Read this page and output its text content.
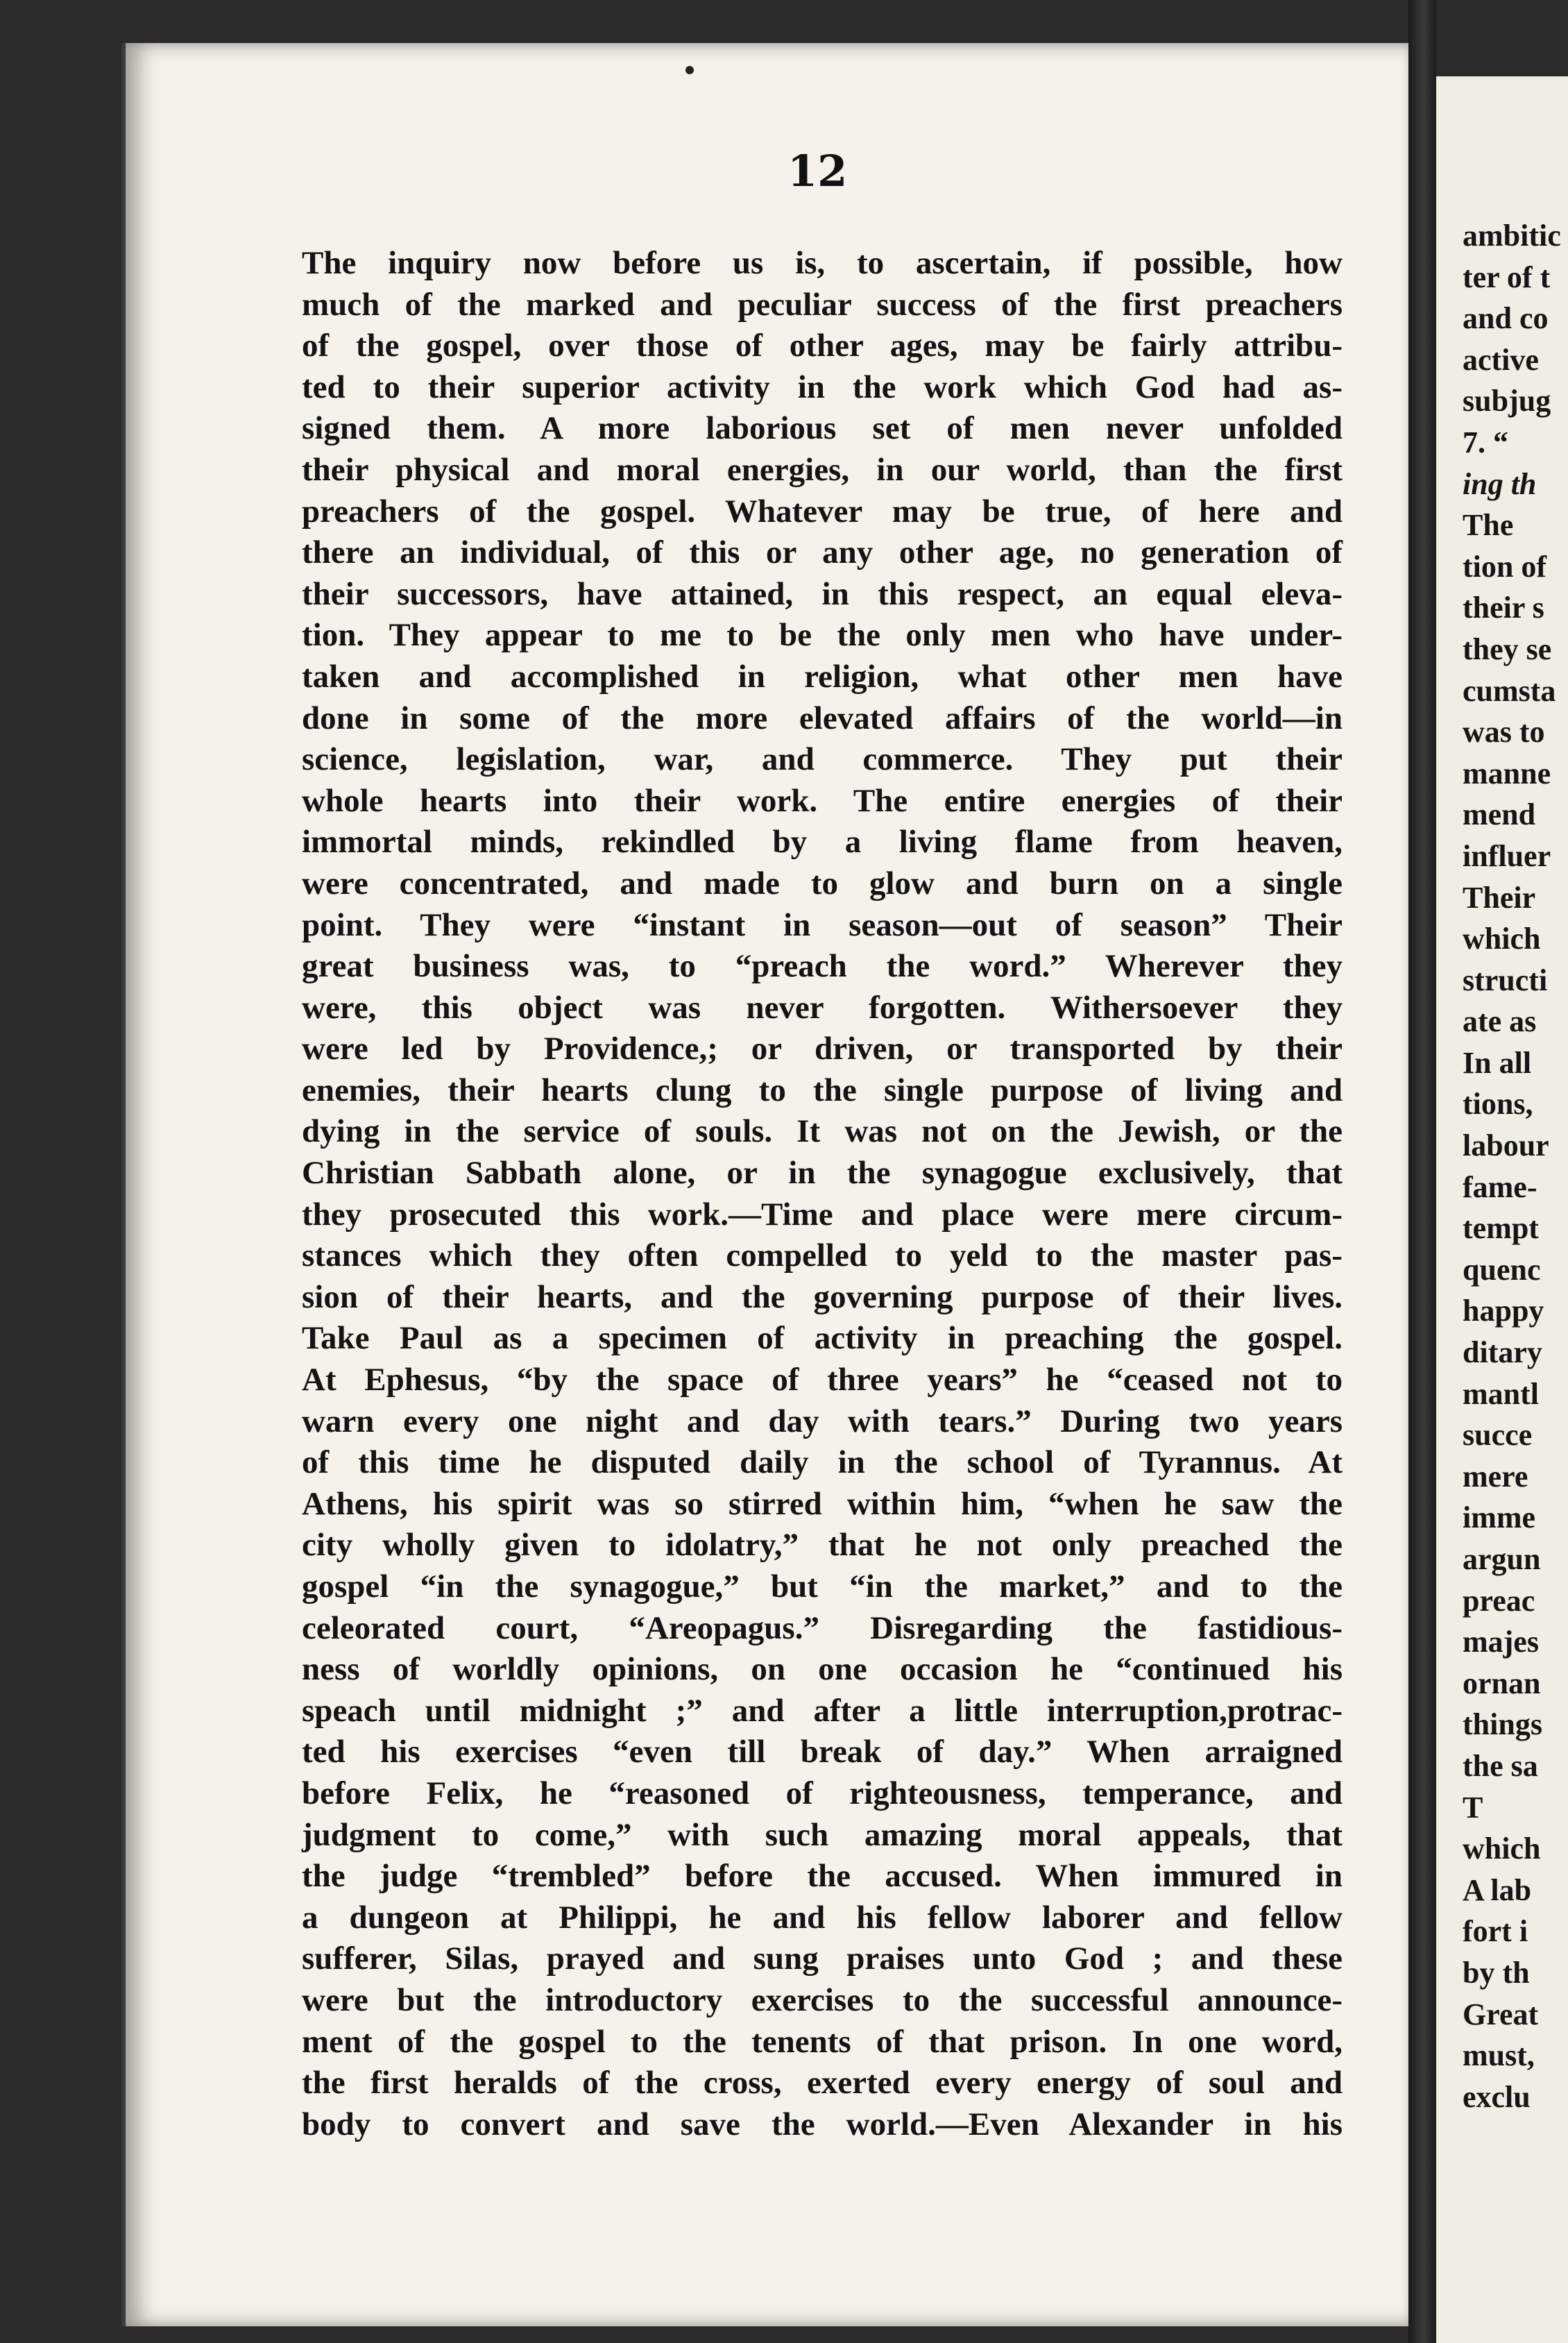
12
The inquiry now before us is, to ascertain, if possible, how
much of the marked and peculiar success of the first preachers
of the gospel, over those of other ages, may be fairly attribu-
ted to their superior activity in the work which God had as-
signed them. A more laborious set of men never unfolded
their physical and moral energies, in our world, than the first
preachers of the gospel. Whatever may be true, of here and
there an individual, of this or any other age, no generation of
their successors, have attained, in this respect, an equal eleva-
tion. They appear to me to be the only men who have under-
taken and accomplished in religion, what other men have
done in some of the more elevated affairs of the world—in
science, legislation, war, and commerce. They put their
whole hearts into their work. The entire energies of their
immortal minds, rekindled by a living flame from heaven,
were concentrated, and made to glow and burn on a single
point. They were “instant in season—out of season” Their
great business was, to “preach the word.” Wherever they
were, this object was never forgotten. Withersoever they
were led by Providence,; or driven, or transported by their
enemies, their hearts clung to the single purpose of living and
dying in the service of souls. It was not on the Jewish, or the
Christian Sabbath alone, or in the synagogue exclusively, that
they prosecuted this work.—Time and place were mere circum-
stances which they often compelled to yeld to the master pas-
sion of their hearts, and the governing purpose of their lives.
Take Paul as a specimen of activity in preaching the gospel.
At Ephesus, “by the space of three years” he “ceased not to
warn every one night and day with tears.” During two years
of this time he disputed daily in the school of Tyrannus. At
Athens, his spirit was so stirred within him, “when he saw the
city wholly given to idolatry,” that he not only preached the
gospel “in the synagogue,” but “in the market,” and to the
celeorated court, “Areopagus.” Disregarding the fastidious-
ness of worldly opinions, on one occasion he “continued his
speach until midnight ;” and after a little interruption,protrac-
ted his exercises “even till break of day.” When arraigned
before Felix, he “reasoned of righteousness, temperance, and
judgment to come,” with such amazing moral appeals, that
the judge “trembled” before the accused. When immured in
a dungeon at Philippi, he and his fellow laborer and fellow
sufferer, Silas, prayed and sung praises unto God ; and these
were but the introductory exercises to the successful announce-
ment of the gospel to the tenents of that prison. In one word,
the first heralds of the cross, exerted every energy of soul and
body to convert and save the world.—Even Alexander in his
ambitic
ter of t
and co
active
subjug
7. “
ing th
The
tion of
their s
they se
cumsta
was to
manne
mend
influer
Their
which
structi
ate as
In all
tions,
labour
fame-
tempt
quenc
happy
ditary
mantl
succe
mere
imme
argun
preac
majes
ornan
things
the sa
T
which
A lab
fort i
by th
Great
must,
exclu
